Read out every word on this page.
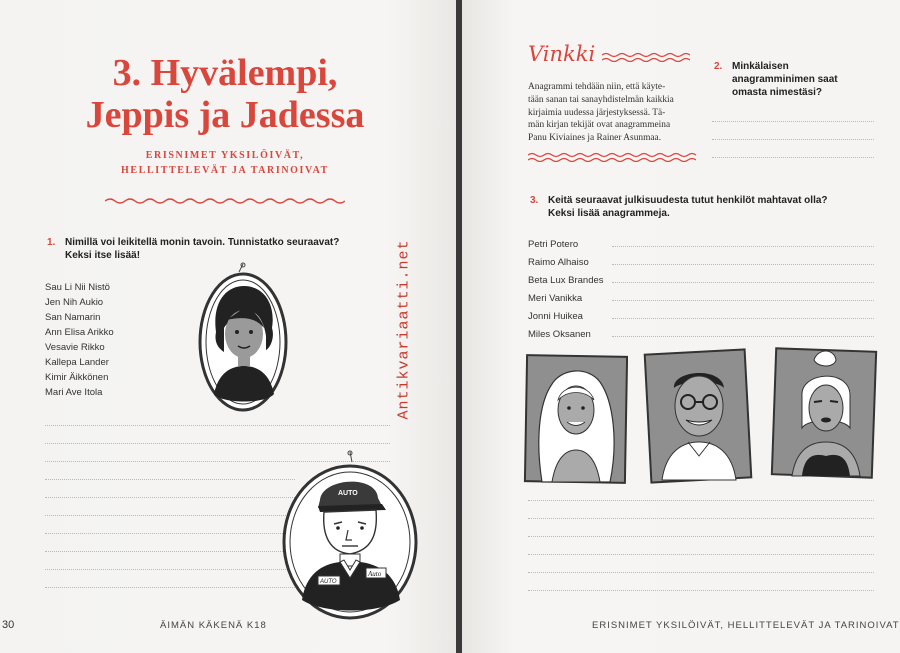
3. Hyvälempi,
Jeppis ja Jadessa
ERISNIMET YKSILÖIVÄT,
HELLITTELEVÄT JA TARINOIVAT
1. Nimillä voi leikitellä monin tavoin. Tunnistatko seuraavat?
Keksi itse lisää!
Sau Li Nii Nistö
Jen Nih Aukio
San Namarin
Ann Elisa Arikko
Vesavie Rikko
Kallepa Lander
Kimir Äikkönen
Mari Ave Itola
AUTO
AUTO
Auto
Antikvariaatti.net
30	ÄIMÄN KÄKENÄ K18
Vinkki
Anagrammi tehdään niin, että käyte-
tään sanan tai sanayhdistelmän kaikkia
kirjaimia uudessa järjestyksessä. Tä-
män kirjan tekijät ovat anagrammeina
Panu Kiviaines ja Rainer Asunmaa.
2. Minkälaisen
anagramminimen saat
omasta nimestäsi?
3. Keitä seuraavat julkisuudesta tutut henkilöt mahtavat olla?
Keksi lisää anagrammeja.
Petri Potero
Raimo Alhaiso
Beta Lux Brandes
Meri Vanikka
Jonni Huikea
Miles Oksanen
ERISNIMET YKSILÖIVÄT, HELLITTELEVÄT JA TARINOIVAT
